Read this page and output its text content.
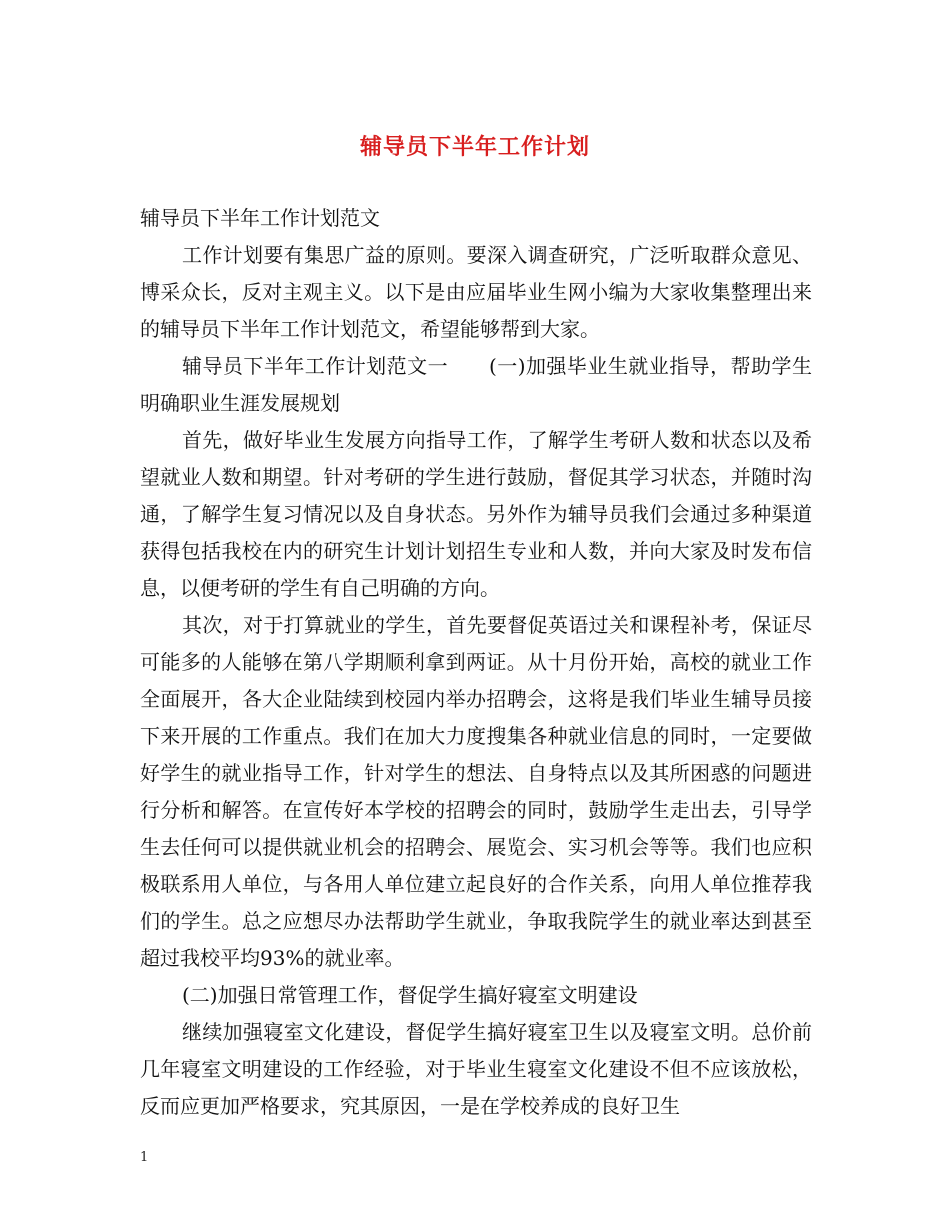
辅导员下半年工作计划

辅导员下半年工作计划范文

工作计划要有集思广益的原则。要深入调查研究，广泛听取群众意见、博采众长，反对主观主义。以下是由应届毕业生网小编为大家收集整理出来的辅导员下半年工作计划范文，希望能够帮到大家。

辅导员下半年工作计划范文一　　(一)加强毕业生就业指导，帮助学生明确职业生涯发展规划

首先，做好毕业生发展方向指导工作，了解学生考研人数和状态以及希望就业人数和期望。针对考研的学生进行鼓励，督促其学习状态，并随时沟通，了解学生复习情况以及自身状态。另外作为辅导员我们会通过多种渠道获得包括我校在内的研究生计划计划招生专业和人数，并向大家及时发布信息，以便考研的学生有自己明确的方向。

其次，对于打算就业的学生，首先要督促英语过关和课程补考，保证尽可能多的人能够在第八学期顺利拿到两证。从十月份开始，高校的就业工作全面展开，各大企业陆续到校园内举办招聘会，这将是我们毕业生辅导员接下来开展的工作重点。我们在加大力度搜集各种就业信息的同时，一定要做好学生的就业指导工作，针对学生的想法、自身特点以及其所困惑的问题进行分析和解答。在宣传好本学校的招聘会的同时，鼓励学生走出去，引导学生去任何可以提供就业机会的招聘会、展览会、实习机会等等。我们也应积极联系用人单位，与各用人单位建立起良好的合作关系，向用人单位推荐我们的学生。总之应想尽办法帮助学生就业，争取我院学生的就业率达到甚至超过我校平均93%的就业率。

(二)加强日常管理工作，督促学生搞好寝室文明建设

继续加强寝室文化建设，督促学生搞好寝室卫生以及寝室文明。总价前几年寝室文明建设的工作经验，对于毕业生寝室文化建设不但不应该放松，反而应更加严格要求，究其原因，一是在学校养成的良好卫生

1
